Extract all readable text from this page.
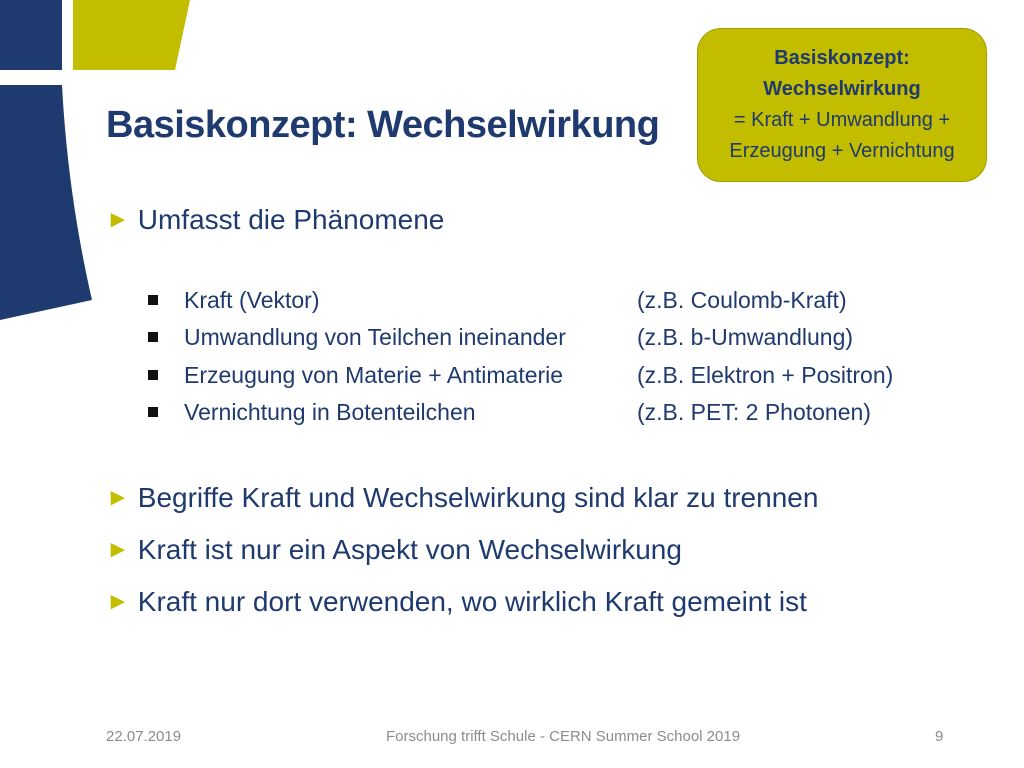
Basiskonzept: Wechselwirkung
Basiskonzept:
Wechselwirkung
= Kraft + Umwandlung +
Erzeugung + Vernichtung
► Umfasst die Phänomene
Kraft (Vektor)	(z.B. Coulomb-Kraft)
Umwandlung von Teilchen ineinander	(z.B. b-Umwandlung)
Erzeugung von Materie + Antimaterie	(z.B. Elektron + Positron)
Vernichtung in Botenteilchen	(z.B. PET: 2 Photonen)
► Begriffe Kraft und Wechselwirkung sind klar zu trennen
► Kraft ist nur ein Aspekt von Wechselwirkung
► Kraft nur dort verwenden, wo wirklich Kraft gemeint ist
22.07.2019	Forschung trifft Schule - CERN Summer School 2019	9
